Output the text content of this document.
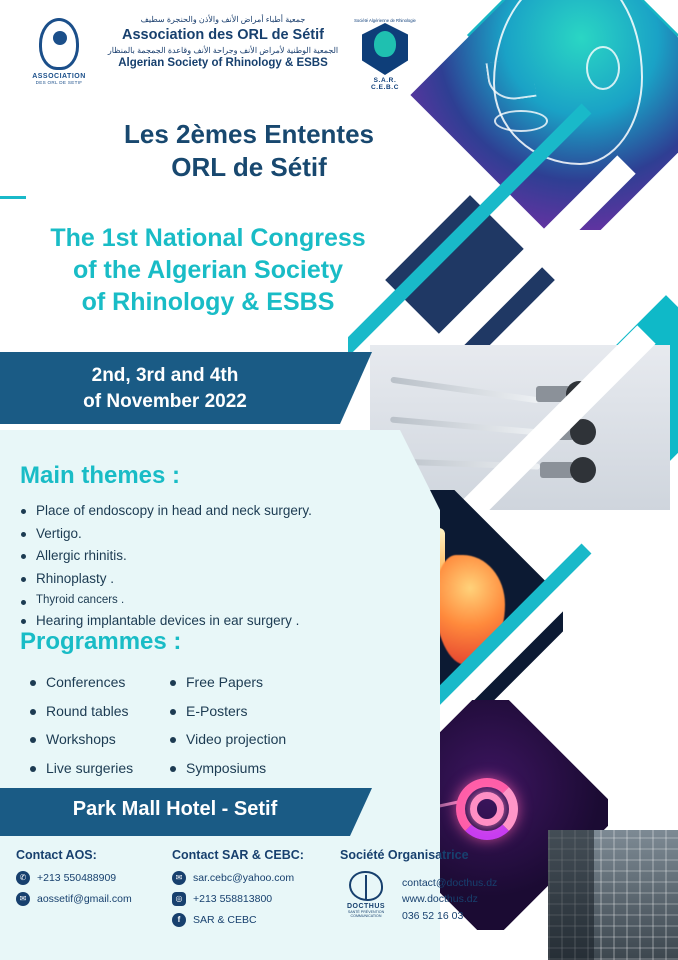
ASSOCIATION
DES ORL DE SETIF
جمعية أطباء أمراض الأنف والأذن والحنجرة سطيف
Association des ORL de Sétif
الجمعية الوطنية لأمراض الأنف وجراحة الأنف وقاعدة الجمجمة بالمنظار
Algerian Society of Rhinology & ESBS
Société Algérienne de Rhinologie
S.A.R.
C.E.B.C
Les 2èmes Ententes
ORL de Sétif
The 1st National Congress
of the Algerian Society
of Rhinology & ESBS
2nd, 3rd and 4th
of November 2022
Main themes :
Place of endoscopy in head and neck surgery.
Vertigo.
Allergic rhinitis.
Rhinoplasty .
Thyroid cancers .
Hearing implantable devices in ear surgery .
Programmes :
Conferences
Round tables
Workshops
Live surgeries
Free Papers
E-Posters
Video projection
Symposiums
Park Mall Hotel - Setif
Contact AOS:
✆	+213 550488909
✉	aossetif@gmail.com
Contact SAR & CEBC:
✉	sar.cebc@yahoo.com
◎	+213 558813800
f	SAR & CEBC
Société Organisatrice
DOCTHUS
SANTÉ PRÉVENTION COMMUNICATION
contact@docthus.dz
www.docthus.dz
036 52 16 03
